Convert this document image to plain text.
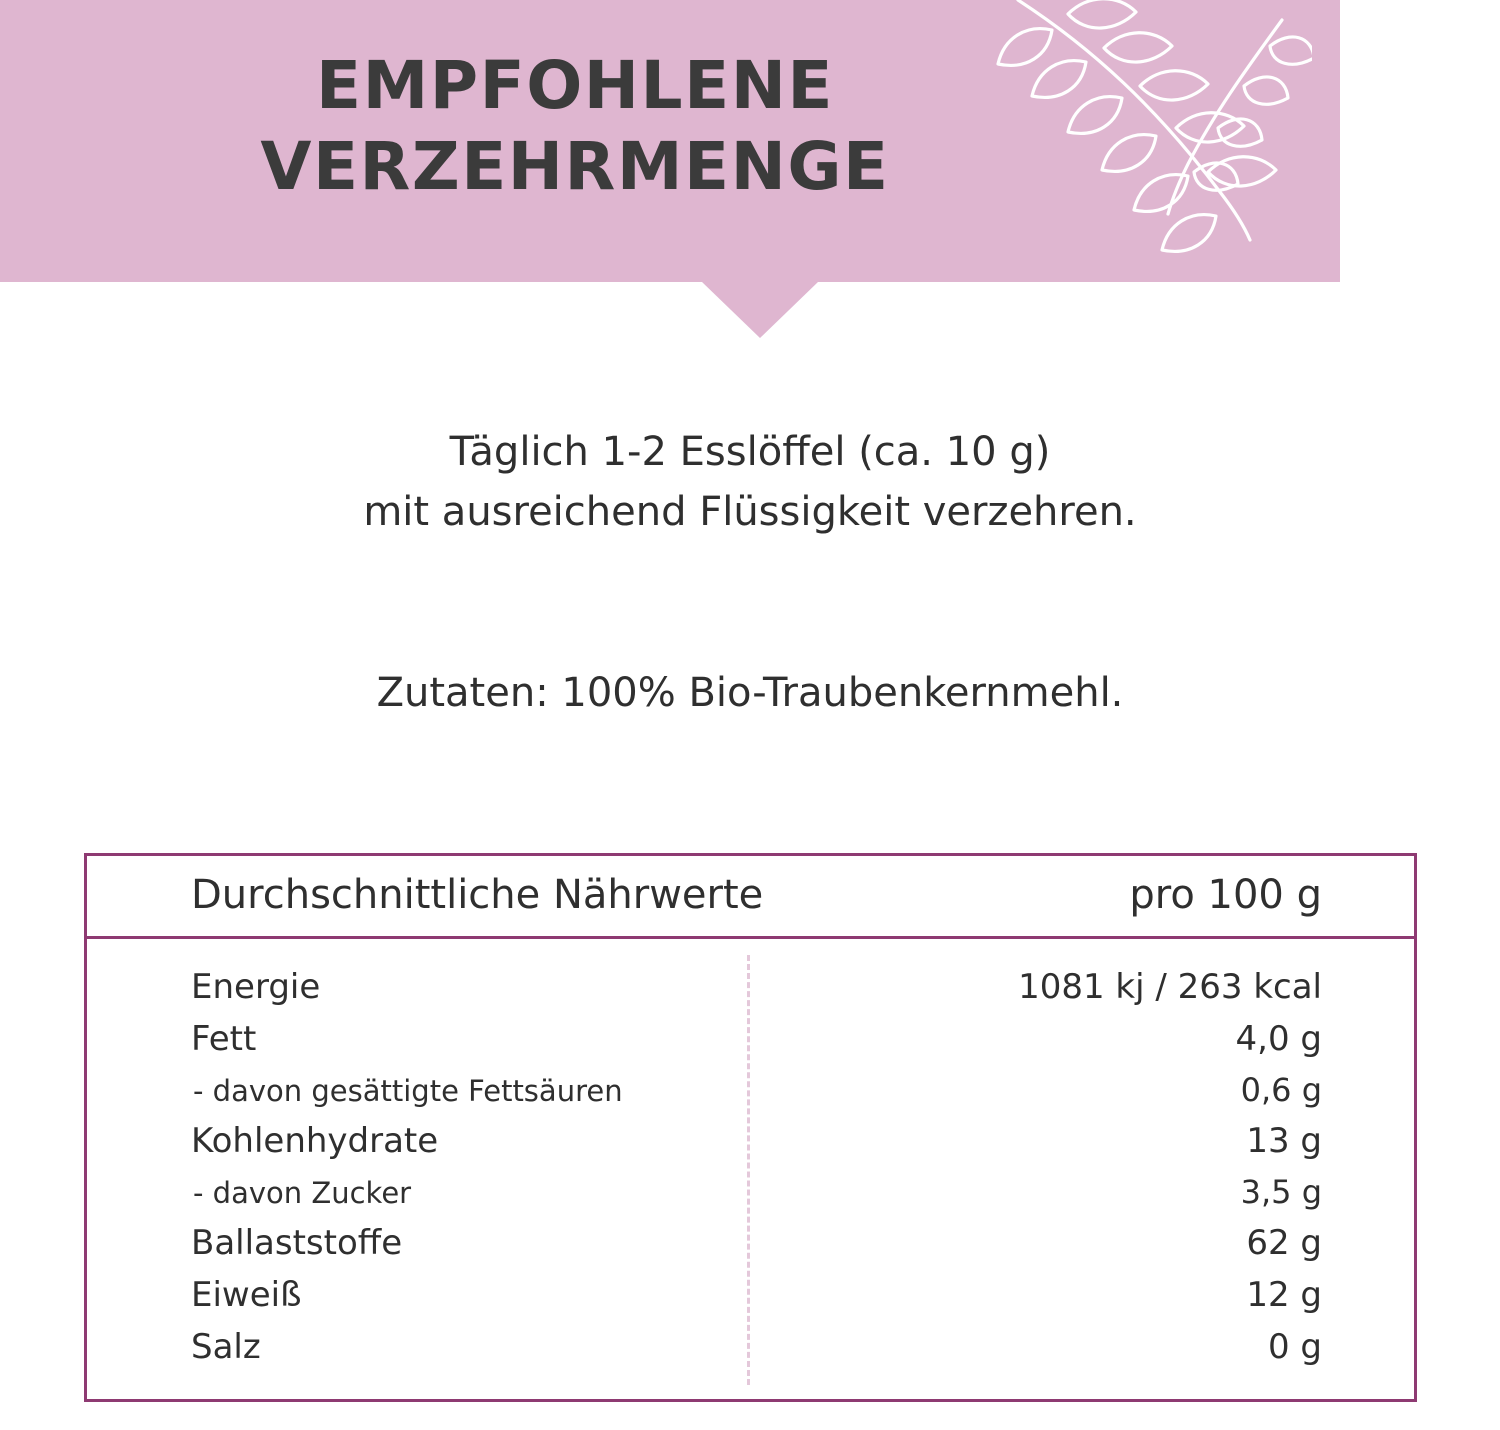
EMPFOHLENE
VERZEHRMENGE
Täglich 1-2 Esslöffel (ca. 10 g)
mit ausreichend Flüssigkeit verzehren.
Zutaten: 100% Bio-Traubenkernmehl.
Durchschnittliche Nährwerte	pro 100 g
Energie	1081 kj / 263 kcal
Fett	4,0 g
- davon gesättigte Fettsäuren	0,6 g
Kohlenhydrate	13 g
- davon Zucker	3,5 g
Ballaststoffe	62 g
Eiweiß	12 g
Salz	0 g
